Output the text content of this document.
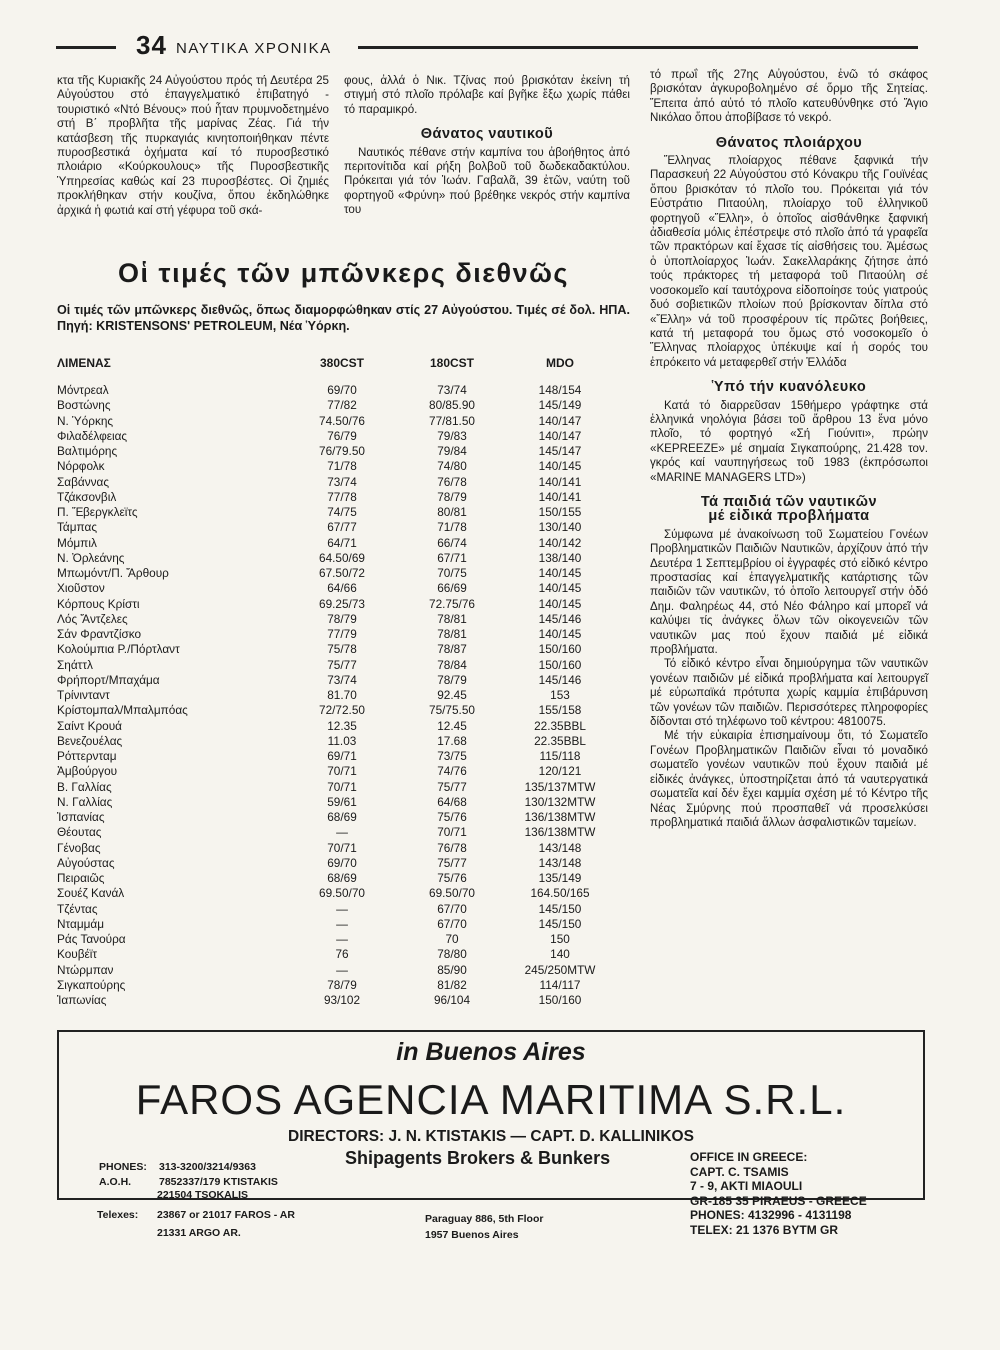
34 ΝΑΥΤΙΚΑ ΧΡΟΝΙΚΑ

κτα τῆς Κυριακῆς 24 Αὐγούστου πρός τή Δευτέρα 25 Αὐγούστου στό ἐπαγγελματικό ἐπιβατηγό - τουριστικό «Ντό Βένους» πού ἦταν πρυμνοδετημένο στή Β΄ προβλῆτα τῆς μαρίνας Ζέας. Γιά τήν κατάσβεση τῆς πυρκαγιάς κινητοποιήθηκαν πέντε πυροσβεστικά ὀχήματα καί τό πυροσβεστικό πλοιάριο «Κούρκουλους» τῆς Πυροσβεστικῆς Ὑπηρεσίας καθώς καί 23 πυροσβέστες. Οἱ ζημιές προκλήθηκαν στήν κουζίνα, ὅπου ἐκδηλώθηκε ἀρχικά ἡ φωτιά καί στή γέφυρα τοῦ σκά-

φους, ἀλλά ὁ Νικ. Τζίνας πού βρισκόταν ἐκείνη τή στιγμή στό πλοῖο πρόλαβε καί βγῆκε ἔξω χωρίς πάθει τό παραμικρό.

Θάνατος ναυτικοῦ

Ναυτικός πέθανε στήν καμπίνα του ἀβοήθητος ἀπό περιτονίτιδα καί ρήξη βολβοῦ τοῦ δωδεκαδακτύλου. Πρόκειται γιά τόν Ἰωάν. Γαβαλᾶ, 39 ἐτῶν, ναύτη τοῦ φορτηγοῦ «Φρύνη» πού βρέθηκε νεκρός στήν καμπίνα του

τό πρωΐ τῆς 27ης Αὐγούστου, ἐνῶ τό σκάφος βρισκόταν ἀγκυροβολημένο σέ ὅρμο τῆς Σητείας. Ἔπειτα ἀπό αὐτό τό πλοῖο κατευθύνθηκε στό Ἅγιο Νικόλαο ὅπου ἀποβίβασε τό νεκρό.

Θάνατος πλοιάρχου

Ἕλληνας πλοίαρχος πέθανε ξαφνικά τήν Παρασκευή 22 Αὐγούστου στό Κόνακρυ τῆς Γουϊνέας ὅπου βρισκόταν τό πλοῖο του. Πρόκειται γιά τόν Εὐστράτιο Πιταούλη, πλοίαρχο τοῦ ἑλληνικοῦ φορτηγοῦ «Ἕλλη», ὁ ὁποῖος αἰσθάνθηκε ξαφνική ἀδιαθεσία μόλις ἐπέστρεψε στό πλοῖο ἀπό τά γραφεῖα τῶν πρακτόρων καί ἔχασε τίς αἰσθήσεις του. Ἀμέσως ὁ ὑποπλοίαρχος Ἰωάν. Σακελλαράκης ζήτησε ἀπό τούς πράκτορες τή μεταφορά τοῦ Πιταούλη σέ νοσοκομεῖο καί ταυτόχρονα εἰδοποίησε τούς γιατρούς δυό σοβιετικῶν πλοίων πού βρίσκονταν δίπλα στό «Ἕλλη» νά τοῦ προσφέρουν τίς πρῶτες βοήθειες, κατά τή μεταφορά του ὅμως στό νοσοκομεῖο ὁ Ἕλληνας πλοίαρχος ὑπέκυψε καί ἡ σορός του ἐπρόκειτο νά μεταφερθεῖ στήν Ἑλλάδα

Ὑπό τήν κυανόλευκο

Κατά τό διαρρεῦσαν 15θήμερο γράφτηκε στά ἑλληνικά νηολόγια βάσει τοῦ ἄρθρου 13 ἕνα μόνο πλοῖο, τό φορτηγό «Σή Γιούνιτι», πρώην «ΚEPREEZE» μέ σημαία Σιγκαπούρης, 21.428 τον. γκρός καί ναυπηγήσεως τοῦ 1983 (ἐκπρόσωποι «MARINE MANAGERS LTD»)

Τά παιδιά τῶν ναυτικῶν
μέ εἰδικά προβλήματα

Σύμφωνα μέ ἀνακοίνωση τοῦ Σωματείου Γονέων Προβληματικῶν Παιδιῶν Ναυτικῶν, ἀρχίζουν ἀπό τήν Δευτέρα 1 Σεπτεμβρίου οἱ ἐγγραφές στό εἰδικό κέντρο προστασίας καί ἐπαγγελματικῆς κατάρτισης τῶν παιδιῶν τῶν ναυτικῶν, τό ὁποῖο λειτουργεῖ στήν ὁδό Δημ. Φαληρέως 44, στό Νέο Φάληρο καί μπορεῖ νά καλύψει τίς ἀνάγκες ὅλων τῶν οἰκογενειῶν τῶν ναυτικῶν μας πού ἔχουν παιδιά μέ εἰδικά προβλήματα.

Τό εἰδικό κέντρο εἶναι δημιούργημα τῶν ναυτικῶν γονέων παιδιῶν μέ εἰδικά προβλήματα καί λειτουργεῖ μέ εὐρωπαϊκά πρότυπα χωρίς καμμία ἐπιβάρυνση τῶν γονέων τῶν παιδιῶν. Περισσότερες πληροφορίες δίδονται στό τηλέφωνο τοῦ κέντρου: 4810075.

Μέ τήν εὐκαιρία ἐπισημαίνουμ ὅτι, τό Σωματεῖο Γονέων Προβληματικῶν Παιδιῶν εἶναι τό μοναδικό σωματεῖο γονέων ναυτικῶν πού ἔχουν παιδιά μέ εἰδικές ἀνάγκες, ὑποστηρίζεται ἀπό τά ναυτεργατικά σωματεῖα καί δέν ἔχει καμμία σχέση μέ τό Κέντρο τῆς Νέας Σμύρνης πού προσπαθεῖ νά προσελκύσει προβληματικά παιδιά ἄλλων ἀσφαλιστικῶν ταμείων.

Οἱ τιμές τῶν μπῶνκερς διεθνῶς
Οἱ τιμές τῶν μπῶνκερς διεθνῶς, ὅπως διαμορφώθηκαν στίς 27 Αὐγούστου. Τιμές σέ δολ. ΗΠΑ. Πηγή: KRISTENSONS' PETROLEUM, Νέα Ὑόρκη.
ΛΙΜΕΝΑΣ	380CST	180CST	MDO
Μόντρεαλ	69/70	73/74	148/154
Βοστώνης	77/82	80/85.90	145/149
Ν. Ὑόρκης	74.50/76	77/81.50	140/147
Φιλαδέλφειας	76/79	79/83	140/147
Βαλτιμόρης	76/79.50	79/84	145/147
Νόρφολκ	71/78	74/80	140/145
Σαβάννας	73/74	76/78	140/141
Τζάκσονβιλ	77/78	78/79	140/141
Π. Ἔβεργκλεϊτς	74/75	80/81	150/155
Τάμπας	67/77	71/78	130/140
Μόμπιλ	64/71	66/74	140/142
Ν. Ὀρλεάνης	64.50/69	67/71	138/140
Μπωμόντ/Π. Ἄρθουρ	67.50/72	70/75	140/145
Χιοῦστον	64/66	66/69	140/145
Κόρπους Κρίστι	69.25/73	72.75/76	140/145
Λός Ἄντζελες	78/79	78/81	145/146
Σάν Φραντζίσκο	77/79	78/81	140/145
Κολούμπια Ρ./Πόρτλαντ	75/78	78/87	150/160
Σηάττλ	75/77	78/84	150/160
Φρήπορτ/Μπαχάμα	73/74	78/79	145/146
Τρίνινταντ	81.70	92.45	153
Κρίστομπαλ/Μπαλμπόας	72/72.50	75/75.50	155/158
Σαίντ Κρουά	12.35	12.45	22.35BBL
Βενεζουέλας	11.03	17.68	22.35BBL
Ρόττερνταμ	69/71	73/75	115/118
Ἀμβούργου	70/71	74/76	120/121
Β. Γαλλίας	70/71	75/77	135/137MTW
Ν. Γαλλίας	59/61	64/68	130/132MTW
Ἰσπανίας	68/69	75/76	136/138MTW
Θέουτας	—	70/71	136/138MTW
Γένοβας	70/71	76/78	143/148
Αὐγούστας	69/70	75/77	143/148
Πειραιῶς	68/69	75/76	135/149
Σουέζ Κανάλ	69.50/70	69.50/70	164.50/165
Τζέντας	—	67/70	145/150
Νταμμάμ	—	67/70	145/150
Ράς Τανούρα	—	70	150
Κουβέϊτ	76	78/80	140
Ντώρμπαν	—	85/90	245/250MTW
Σιγκαπούρης	78/79	81/82	114/117
Ἰαπωνίας	93/102	96/104	150/160
in Buenos Aires
FAROS AGENCIA MARITIMA S.R.L.
DIRECTORS: J. N. KTISTAKIS — CAPT. D. KALLINIKOS
Shipagents Brokers & Bunkers
PHONES: 313-3200/3214/9363
A.O.H.	7852337/179 KTISTAKIS
221504 TSOKALIS
Telexes: 23867 or 21017 FAROS - AR
21331 ARGO AR.
Paraguay 886, 5th Floor
1957 Buenos Aires
OFFICE IN GREECE:
CAPT. C. TSAMIS
7 - 9, AKTI MIAOULI
GR-185 35 PIRAEUS - GREECE
PHONES: 4132996 - 4131198
TELEX: 21 1376 BYTM GR
